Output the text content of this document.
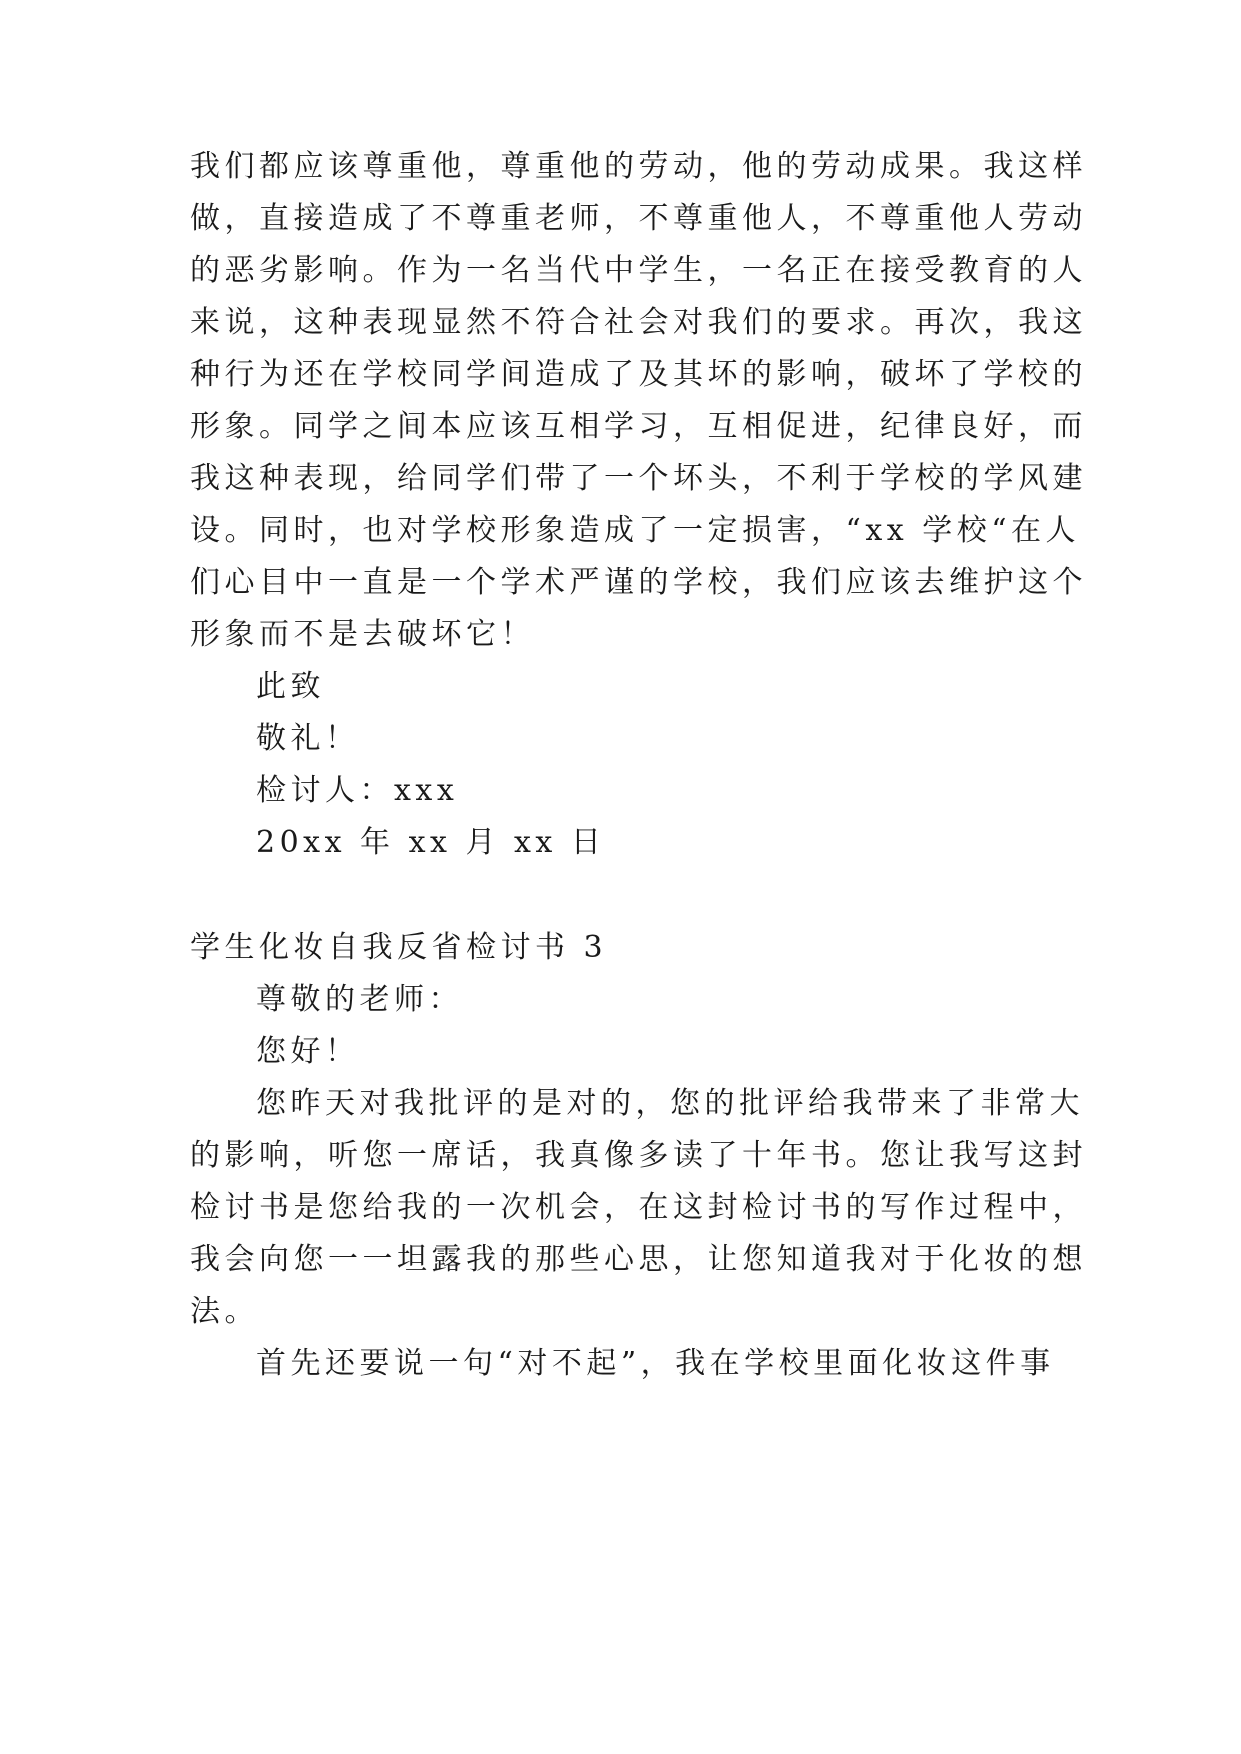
我们都应该尊重他，尊重他的劳动，他的劳动成果。我这样
做，直接造成了不尊重老师，不尊重他人，不尊重他人劳动
的恶劣影响。作为一名当代中学生，一名正在接受教育的人
来说，这种表现显然不符合社会对我们的要求。再次，我这
种行为还在学校同学间造成了及其坏的影响，破坏了学校的
形象。同学之间本应该互相学习，互相促进，纪律良好，而
我这种表现，给同学们带了一个坏头，不利于学校的学风建
设。同时，也对学校形象造成了一定损害，“xx 学校“在人
们心目中一直是一个学术严谨的学校，我们应该去维护这个
形象而不是去破坏它！
此致
敬礼！
检讨人：xxx
20xx 年 xx 月 xx 日
学生化妆自我反省检讨书 3
尊敬的老师：
您好！
您昨天对我批评的是对的，您的批评给我带来了非常大
的影响，听您一席话，我真像多读了十年书。您让我写这封
检讨书是您给我的一次机会，在这封检讨书的写作过程中，
我会向您一一坦露我的那些心思，让您知道我对于化妆的想
法。
首先还要说一句“对不起”，我在学校里面化妆这件事
